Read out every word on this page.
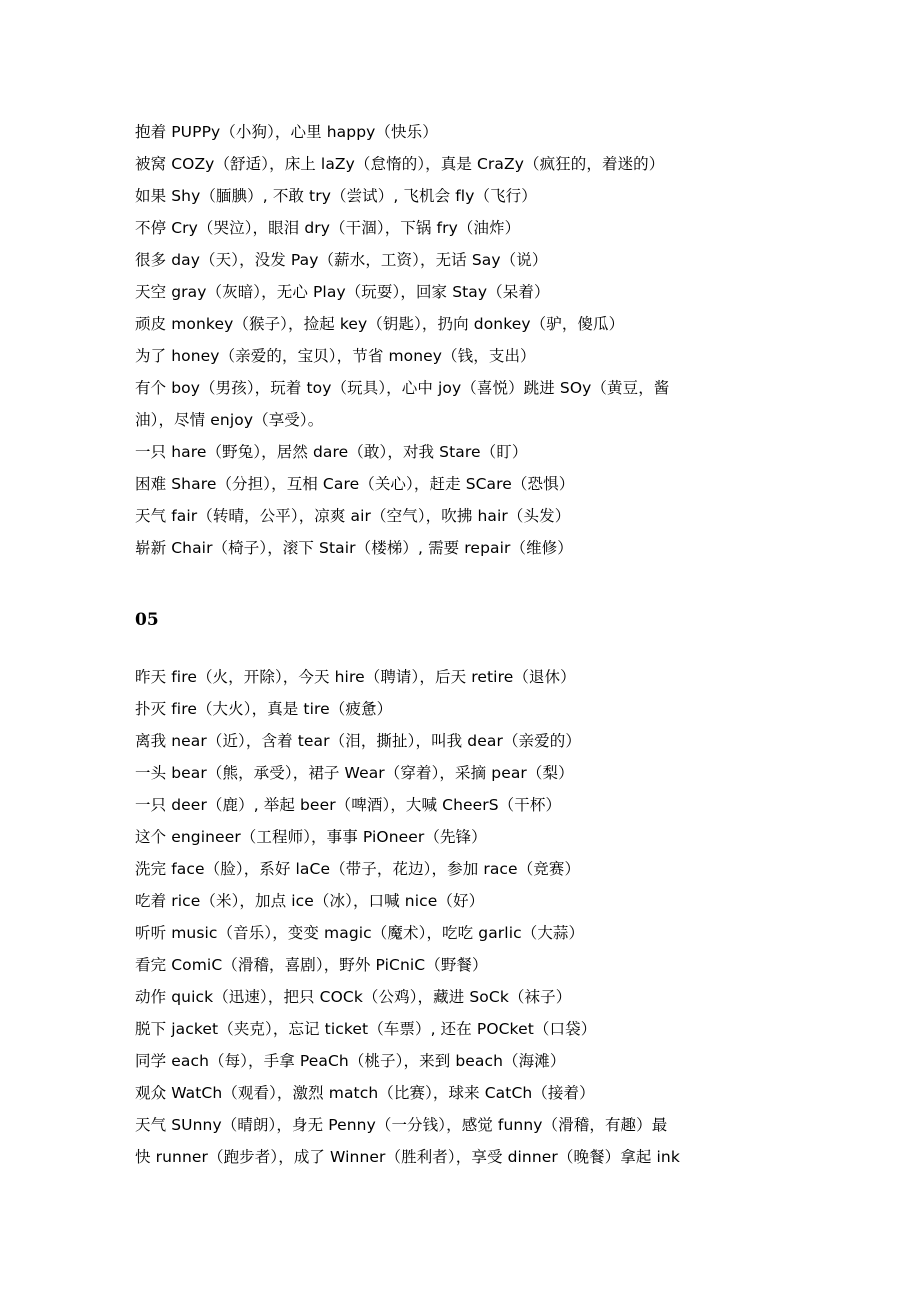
抱着 PUPPy（小狗），心里 happy（快乐）
被窝 COZy（舒适），床上 laZy（怠惰的），真是 CraZy（疯狂的，着迷的）
如果 Shy（腼腆）, 不敢 try（尝试）, 飞机会 fly（飞行）
不停 Cry（哭泣），眼泪 dry（干涸），下锅 fry（油炸）
很多 day（天），没发 Pay（薪水，工资），无话 Say（说）
天空 gray（灰暗），无心 Play（玩耍），回家 Stay（呆着）
顽皮 monkey（猴子），捡起 key（钥匙），扔向 donkey（驴，傻瓜）
为了 honey（亲爱的，宝贝），节省 money（钱，支出）
有个 boy（男孩），玩着 toy（玩具），心中 joy（喜悦）跳进 SOy（黄豆，酱
油），尽情 enjoy（享受）。
一只 hare（野兔），居然 dare（敢），对我 Stare（盯）
困难 Share（分担），互相 Care（关心），赶走 SCare（恐惧）
天气 fair（转晴，公平），凉爽 air（空气），吹拂 hair（头发）
崭新 Chair（椅子），滚下 Stair（楼梯）, 需要 repair（维修）
05
昨天 fire（火，开除），今天 hire（聘请），后天 retire（退休）
扑灭 fire（大火），真是 tire（疲惫）
离我 near（近），含着 tear（泪，撕扯），叫我 dear（亲爱的）
一头 bear（熊，承受），裙子 Wear（穿着），采摘 pear（梨）
一只 deer（鹿）, 举起 beer（啤酒），大喊 CheerS（干杯）
这个 engineer（工程师），事事 PiOneer（先锋）
洗完 face（脸），系好 laCe（带子，花边），参加 race（竞赛）
吃着 rice（米），加点 ice（冰），口喊 nice（好）
听听 music（音乐），变变 magic（魔术），吃吃 garlic（大蒜）
看完 ComiC（滑稽，喜剧），野外 PiCniC（野餐）
动作 quick（迅速），把只 COCk（公鸡），藏进 SoCk（袜子）
脱下 jacket（夹克），忘记 ticket（车票）, 还在 POCket（口袋）
同学 each（每），手拿 PeaCh（桃子），来到 beach（海滩）
观众 WatCh（观看），激烈 match（比赛），球来 CatCh（接着）
天气 SUnny（晴朗），身无 Penny（一分钱），感觉 funny（滑稽，有趣）最
快 runner（跑步者），成了 Winner（胜利者），享受 dinner（晚餐）拿起 ink
